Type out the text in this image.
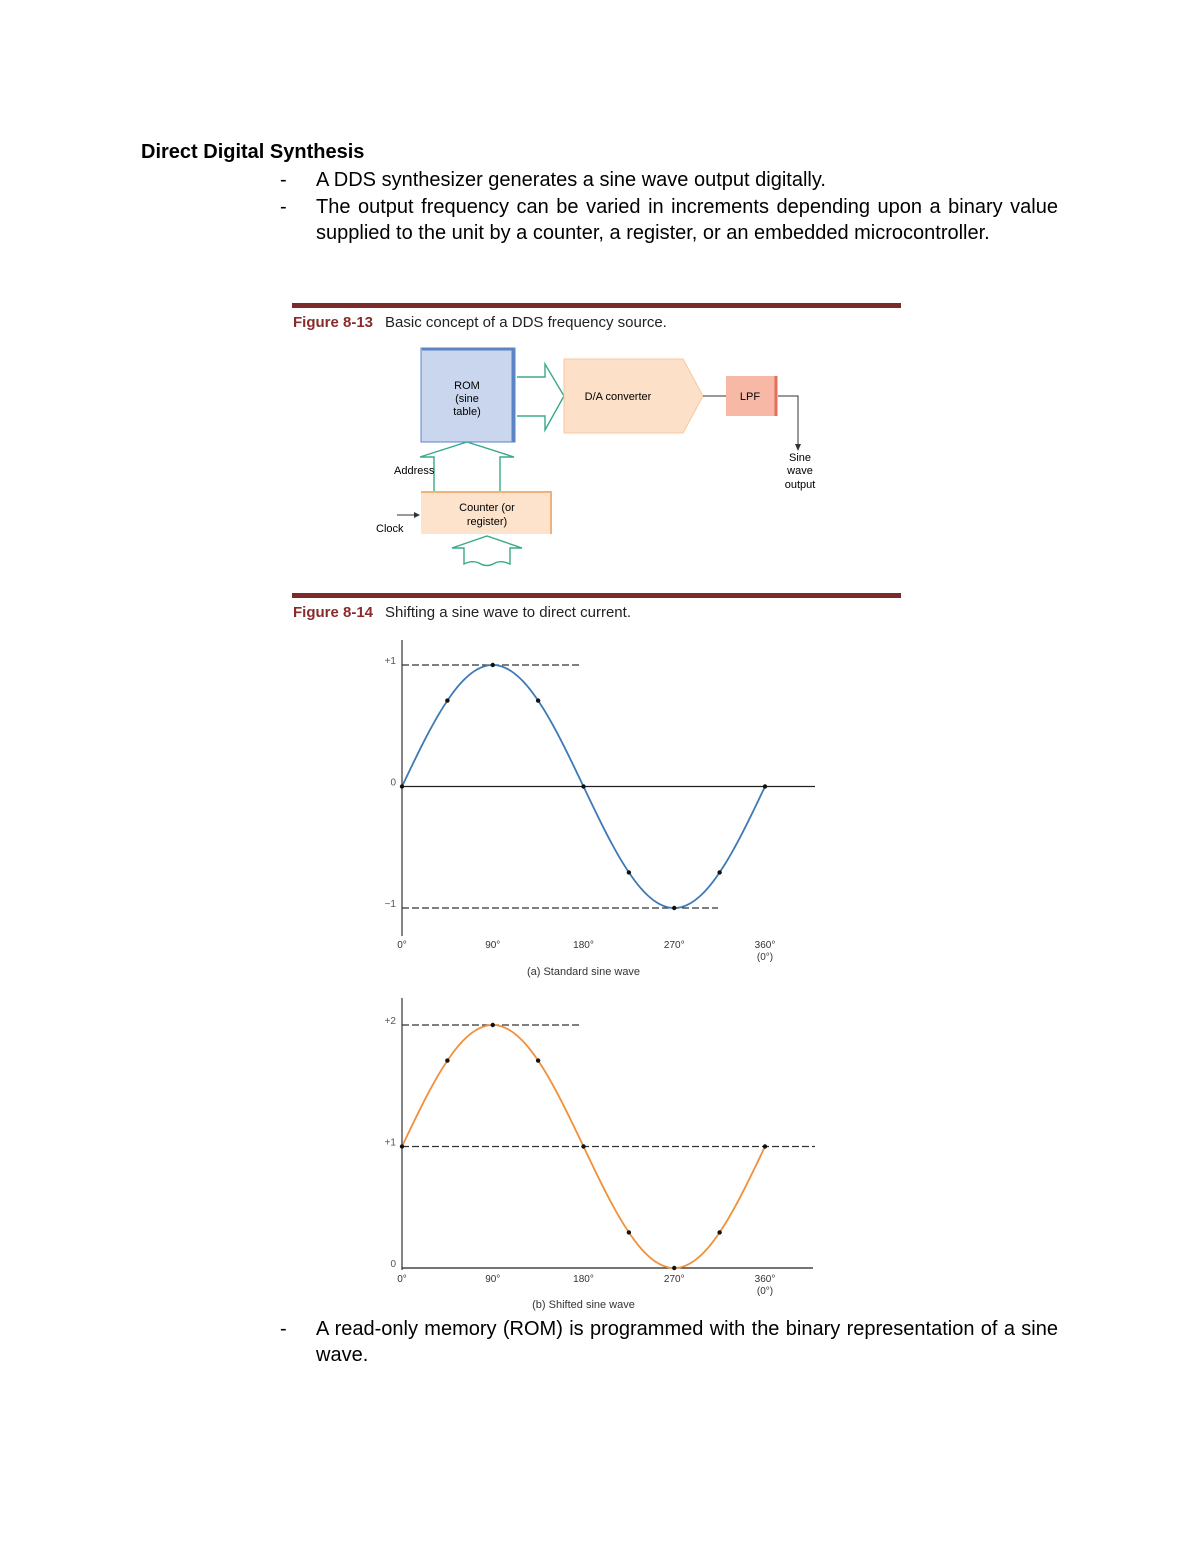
Direct Digital Synthesis
-	A DDS synthesizer generates a sine wave output digitally.
-	The output frequency can be varied in increments depending upon a binary value supplied to the unit by a counter, a register, or an embedded microcontroller.
Figure 8-13 Basic concept of a DDS frequency source.
ROM
(sine
table)
D/A converter	LPF
Sine
wave
output
Address
Counter (or
register)
Clock
Figure 8-14 Shifting a sine wave to direct current.
+1
0
−1
0°	90°	180°	270°	360°
(0°)
(a) Standard sine wave
+2
+1
0
0°	90°	180°	270°	360°
(0°)
(b) Shifted sine wave
-	A read-only memory (ROM) is programmed with the binary representation of a sine wave.
